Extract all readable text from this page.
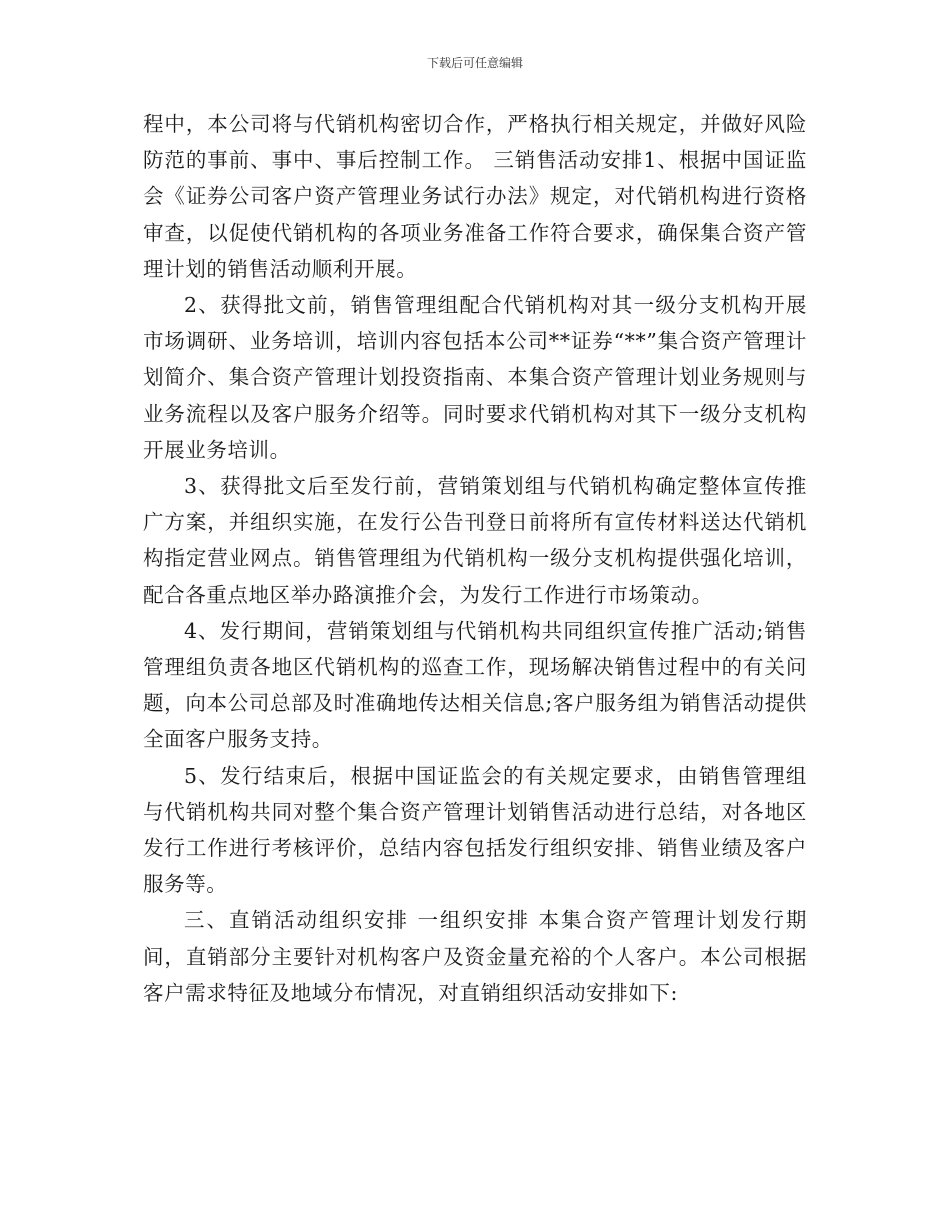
下载后可任意编辑

程中，本公司将与代销机构密切合作，严格执行相关规定，并做好风险防范的事前、事中、事后控制工作。 三销售活动安排1、根据中国证监会《证券公司客户资产管理业务试行办法》规定，对代销机构进行资格审查，以促使代销机构的各项业务准备工作符合要求，确保集合资产管理计划的销售活动顺利开展。

2、获得批文前，销售管理组配合代销机构对其一级分支机构开展市场调研、业务培训，培训内容包括本公司**证券“**”集合资产管理计划简介、集合资产管理计划投资指南、本集合资产管理计划业务规则与业务流程以及客户服务介绍等。同时要求代销机构对其下一级分支机构开展业务培训。

3、获得批文后至发行前，营销策划组与代销机构确定整体宣传推广方案，并组织实施，在发行公告刊登日前将所有宣传材料送达代销机构指定营业网点。销售管理组为代销机构一级分支机构提供强化培训，配合各重点地区举办路演推介会，为发行工作进行市场策动。

4、发行期间，营销策划组与代销机构共同组织宣传推广活动;销售管理组负责各地区代销机构的巡查工作，现场解决销售过程中的有关问题，向本公司总部及时准确地传达相关信息;客户服务组为销售活动提供全面客户服务支持。

5、发行结束后，根据中国证监会的有关规定要求，由销售管理组与代销机构共同对整个集合资产管理计划销售活动进行总结，对各地区发行工作进行考核评价，总结内容包括发行组织安排、销售业绩及客户服务等。

三、直销活动组织安排 一组织安排 本集合资产管理计划发行期间，直销部分主要针对机构客户及资金量充裕的个人客户。本公司根据客户需求特征及地域分布情况，对直销组织活动安排如下:
